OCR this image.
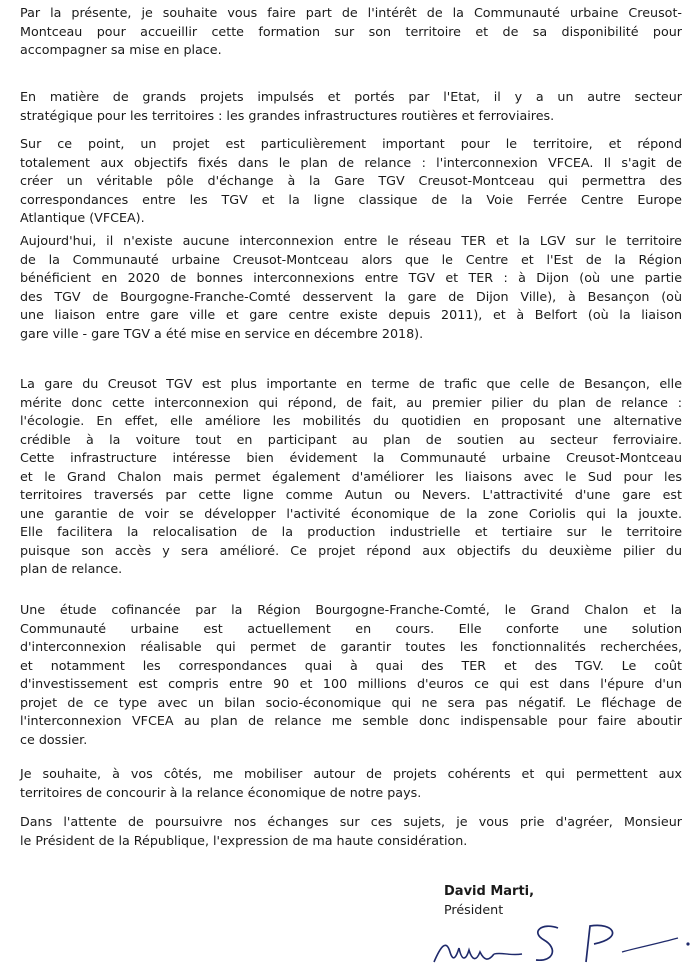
Par la présente, je souhaite vous faire part de l'intérêt de la Communauté urbaine Creusot-
Montceau pour accueillir cette formation sur son territoire et de sa disponibilité pour
accompagner sa mise en place.
En matière de grands projets impulsés et portés par l'Etat, il y a un autre secteur
stratégique pour les territoires : les grandes infrastructures routières et ferroviaires.
Sur ce point, un projet est particulièrement important pour le territoire, et répond
totalement aux objectifs fixés dans le plan de relance : l'interconnexion VFCEA. Il s'agit de
créer un véritable pôle d'échange à la Gare TGV Creusot-Montceau qui permettra des
correspondances entre les TGV et la ligne classique de la Voie Ferrée Centre Europe
Atlantique (VFCEA).
Aujourd'hui, il n'existe aucune interconnexion entre le réseau TER et la LGV sur le territoire
de la Communauté urbaine Creusot-Montceau alors que le Centre et l'Est de la Région
bénéficient en 2020 de bonnes interconnexions entre TGV et TER : à Dijon (où une partie
des TGV de Bourgogne-Franche-Comté desservent la gare de Dijon Ville), à Besançon (où
une liaison entre gare ville et gare centre existe depuis 2011), et à Belfort (où la liaison
gare ville - gare TGV a été mise en service en décembre 2018).
La gare du Creusot TGV est plus importante en terme de trafic que celle de Besançon, elle
mérite donc cette interconnexion qui répond, de fait, au premier pilier du plan de relance :
l'écologie. En effet, elle améliore les mobilités du quotidien en proposant une alternative
crédible à la voiture tout en participant au plan de soutien au secteur ferroviaire.
Cette infrastructure intéresse bien évidement la Communauté urbaine Creusot-Montceau
et le Grand Chalon mais permet également d'améliorer les liaisons avec le Sud pour les
territoires traversés par cette ligne comme Autun ou Nevers. L'attractivité d'une gare est
une garantie de voir se développer l'activité économique de la zone Coriolis qui la jouxte.
Elle facilitera la relocalisation de la production industrielle et tertiaire sur le territoire
puisque son accès y sera amélioré. Ce projet répond aux objectifs du deuxième pilier du
plan de relance.
Une étude cofinancée par la Région Bourgogne-Franche-Comté, le Grand Chalon et la
Communauté urbaine est actuellement en cours. Elle conforte une solution
d'interconnexion réalisable qui permet de garantir toutes les fonctionnalités recherchées,
et notamment les correspondances quai à quai des TER et des TGV. Le coût
d'investissement est compris entre 90 et 100 millions d'euros ce qui est dans l'épure d'un
projet de ce type avec un bilan socio-économique qui ne sera pas négatif. Le fléchage de
l'interconnexion VFCEA au plan de relance me semble donc indispensable pour faire aboutir
ce dossier.
Je souhaite, à vos côtés, me mobiliser autour de projets cohérents et qui permettent aux
territoires de concourir à la relance économique de notre pays.
Dans l'attente de poursuivre nos échanges sur ces sujets, je vous prie d'agréer, Monsieur
le Président de la République, l'expression de ma haute considération.
David Marti,
Président
